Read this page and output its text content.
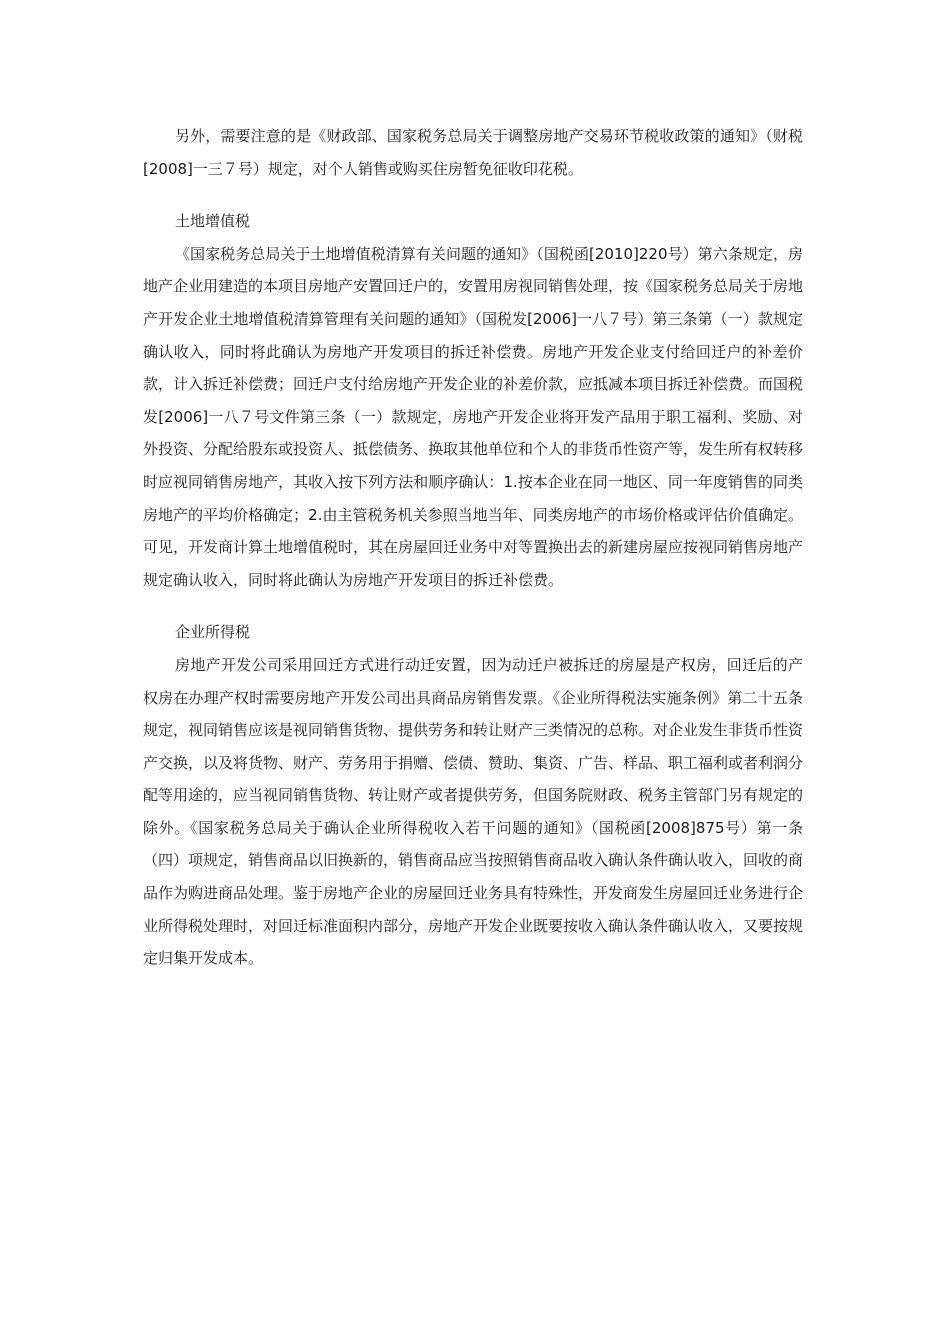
另外，需要注意的是《财政部、国家税务总局关于调整房地产交易环节税收政策的通知》（财税[2008]一三７号）规定，对个人销售或购买住房暂免征收印花税。

土地增值税

《国家税务总局关于土地增值税清算有关问题的通知》（国税函[2010]220号）第六条规定，房地产企业用建造的本项目房地产安置回迁户的，安置用房视同销售处理，按《国家税务总局关于房地产开发企业土地增值税清算管理有关问题的通知》（国税发[2006]一八７号）第三条第（一）款规定确认收入，同时将此确认为房地产开发项目的拆迁补偿费。房地产开发企业支付给回迁户的补差价款，计入拆迁补偿费；回迁户支付给房地产开发企业的补差价款，应抵减本项目拆迁补偿费。而国税发[2006]一八７号文件第三条（一）款规定，房地产开发企业将开发产品用于职工福利、奖励、对外投资、分配给股东或投资人、抵偿债务、换取其他单位和个人的非货币性资产等，发生所有权转移时应视同销售房地产，其收入按下列方法和顺序确认：1.按本企业在同一地区、同一年度销售的同类房地产的平均价格确定；2.由主管税务机关参照当地当年、同类房地产的市场价格或评估价值确定。可见，开发商计算土地增值税时，其在房屋回迁业务中对等置换出去的新建房屋应按视同销售房地产规定确认收入，同时将此确认为房地产开发项目的拆迁补偿费。

企业所得税

房地产开发公司采用回迁方式进行动迁安置，因为动迁户被拆迁的房屋是产权房，回迁后的产权房在办理产权时需要房地产开发公司出具商品房销售发票。《企业所得税法实施条例》第二十五条规定，视同销售应该是视同销售货物、提供劳务和转让财产三类情况的总称。对企业发生非货币性资产交换，以及将货物、财产、劳务用于捐赠、偿债、赞助、集资、广告、样品、职工福利或者利润分配等用途的，应当视同销售货物、转让财产或者提供劳务，但国务院财政、税务主管部门另有规定的除外。《国家税务总局关于确认企业所得税收入若干问题的通知》（国税函[2008]875号）第一条（四）项规定，销售商品以旧换新的，销售商品应当按照销售商品收入确认条件确认收入，回收的商品作为购进商品处理。鉴于房地产企业的房屋回迁业务具有特殊性，开发商发生房屋回迁业务进行企业所得税处理时，对回迁标准面积内部分，房地产开发企业既要按收入确认条件确认收入，又要按规定归集开发成本。
